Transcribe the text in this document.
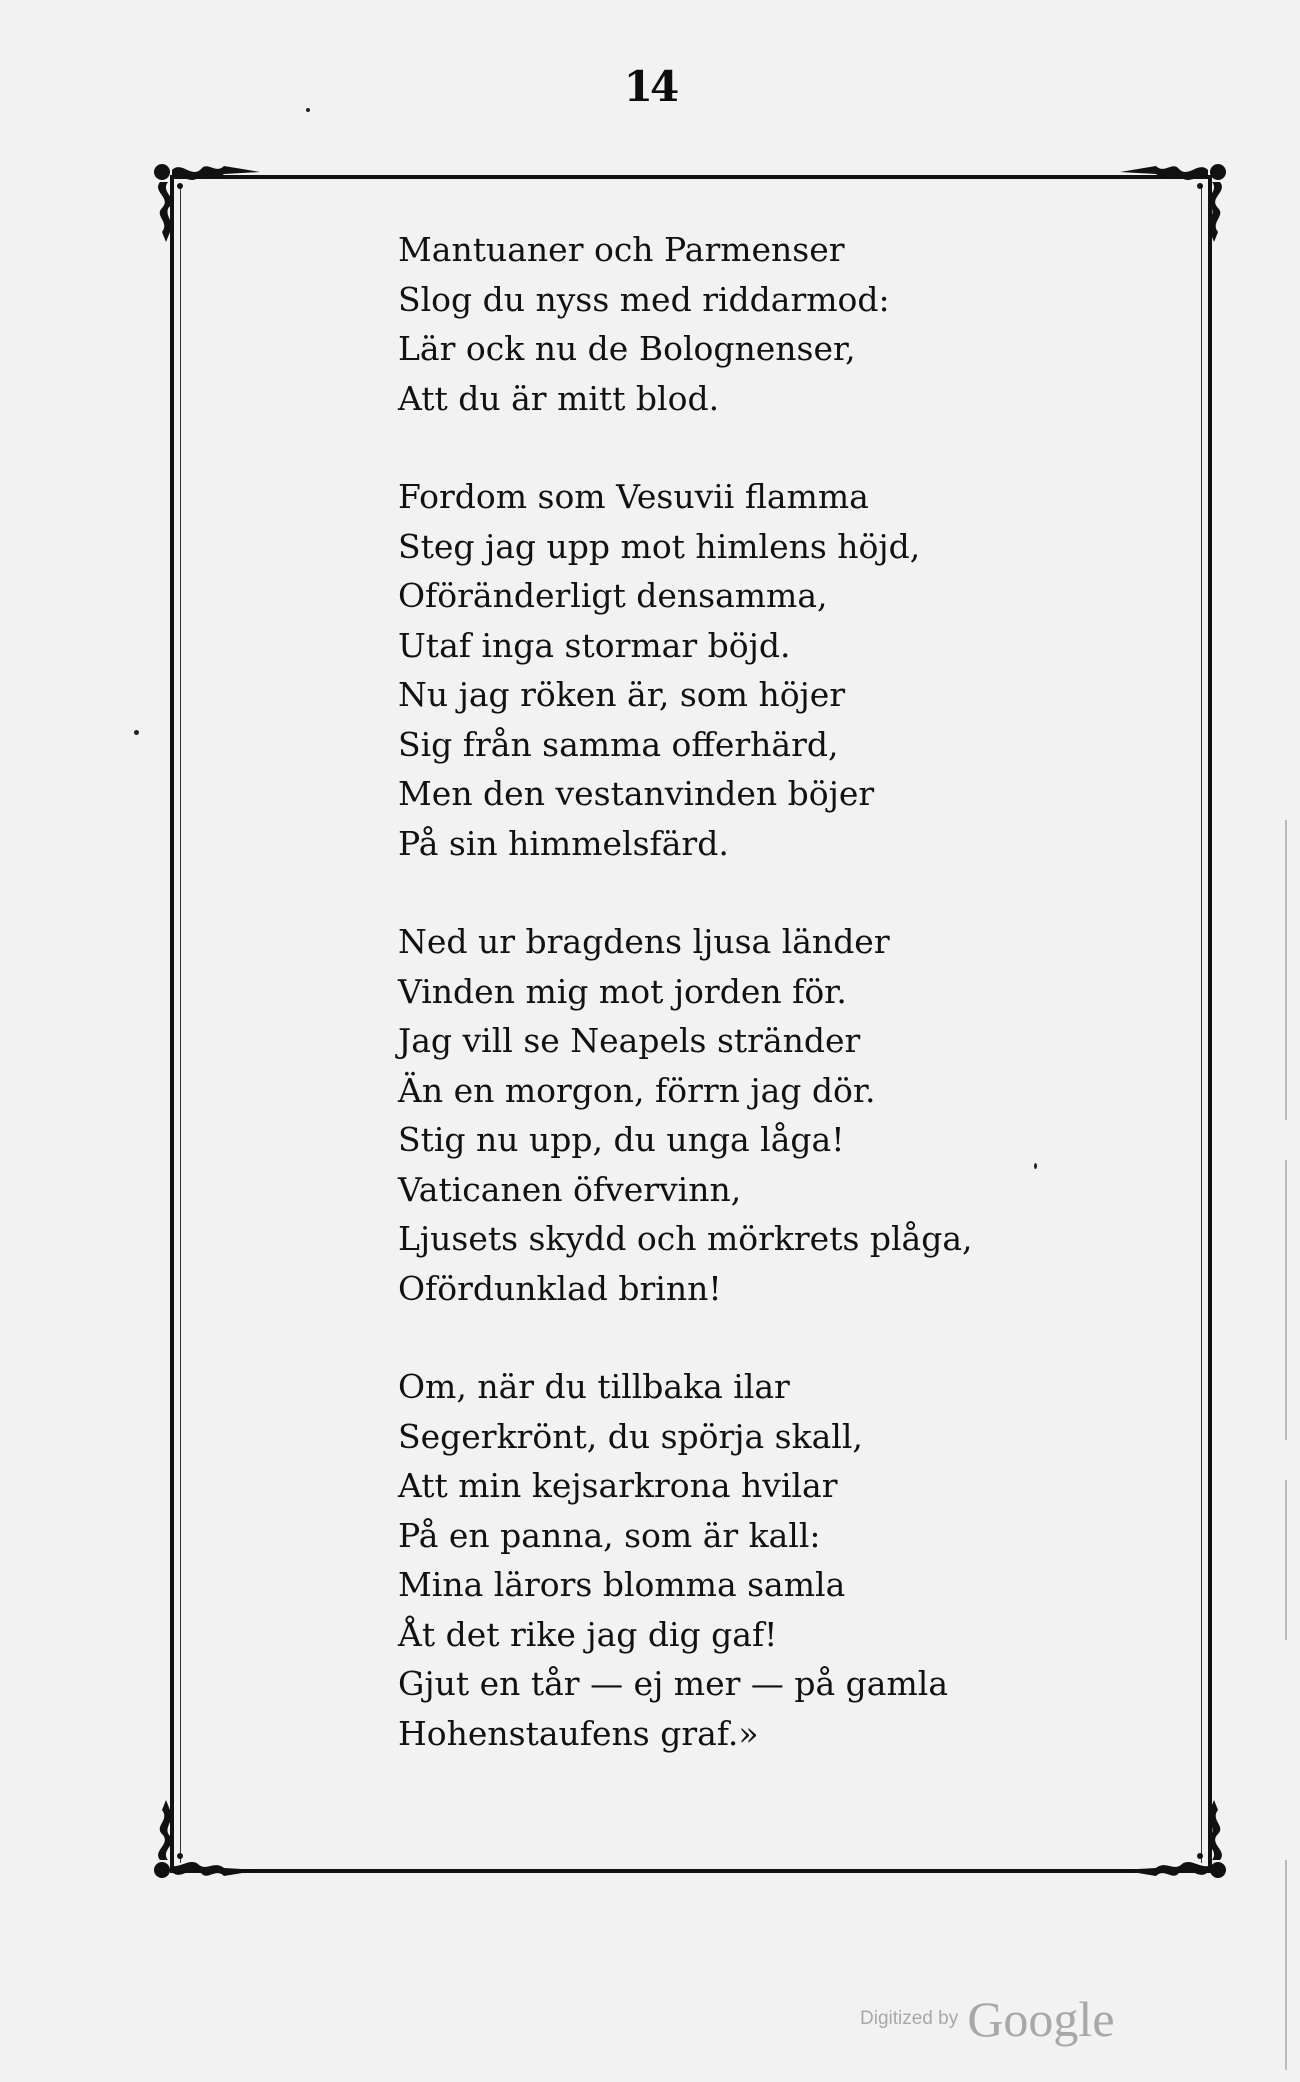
14
Mantuaner och Parmenser
Slog du nyss med riddarmod:
Lär ock nu de Bolognenser,
Att du är mitt blod.
Fordom som Vesuvii flamma
Steg jag upp mot himlens höjd,
Oföränderligt densamma,
Utaf inga stormar böjd.
Nu jag röken är, som höjer
Sig från samma offerhärd,
Men den vestanvinden böjer
På sin himmelsfärd.
Ned ur bragdens ljusa länder
Vinden mig mot jorden för.
Jag vill se Neapels stränder
Än en morgon, förrn jag dör.
Stig nu upp, du unga låga!
Vaticanen öfvervinn,
Ljusets skydd och mörkrets plåga,
Ofördunklad brinn!
Om, när du tillbaka ilar
Segerkrönt, du spörja skall,
Att min kejsarkrona hvilar
På en panna, som är kall:
Mina lärors blomma samla
Åt det rike jag dig gaf!
Gjut en tår — ej mer — på gamla
Hohenstaufens graf.»
Digitized by Google
